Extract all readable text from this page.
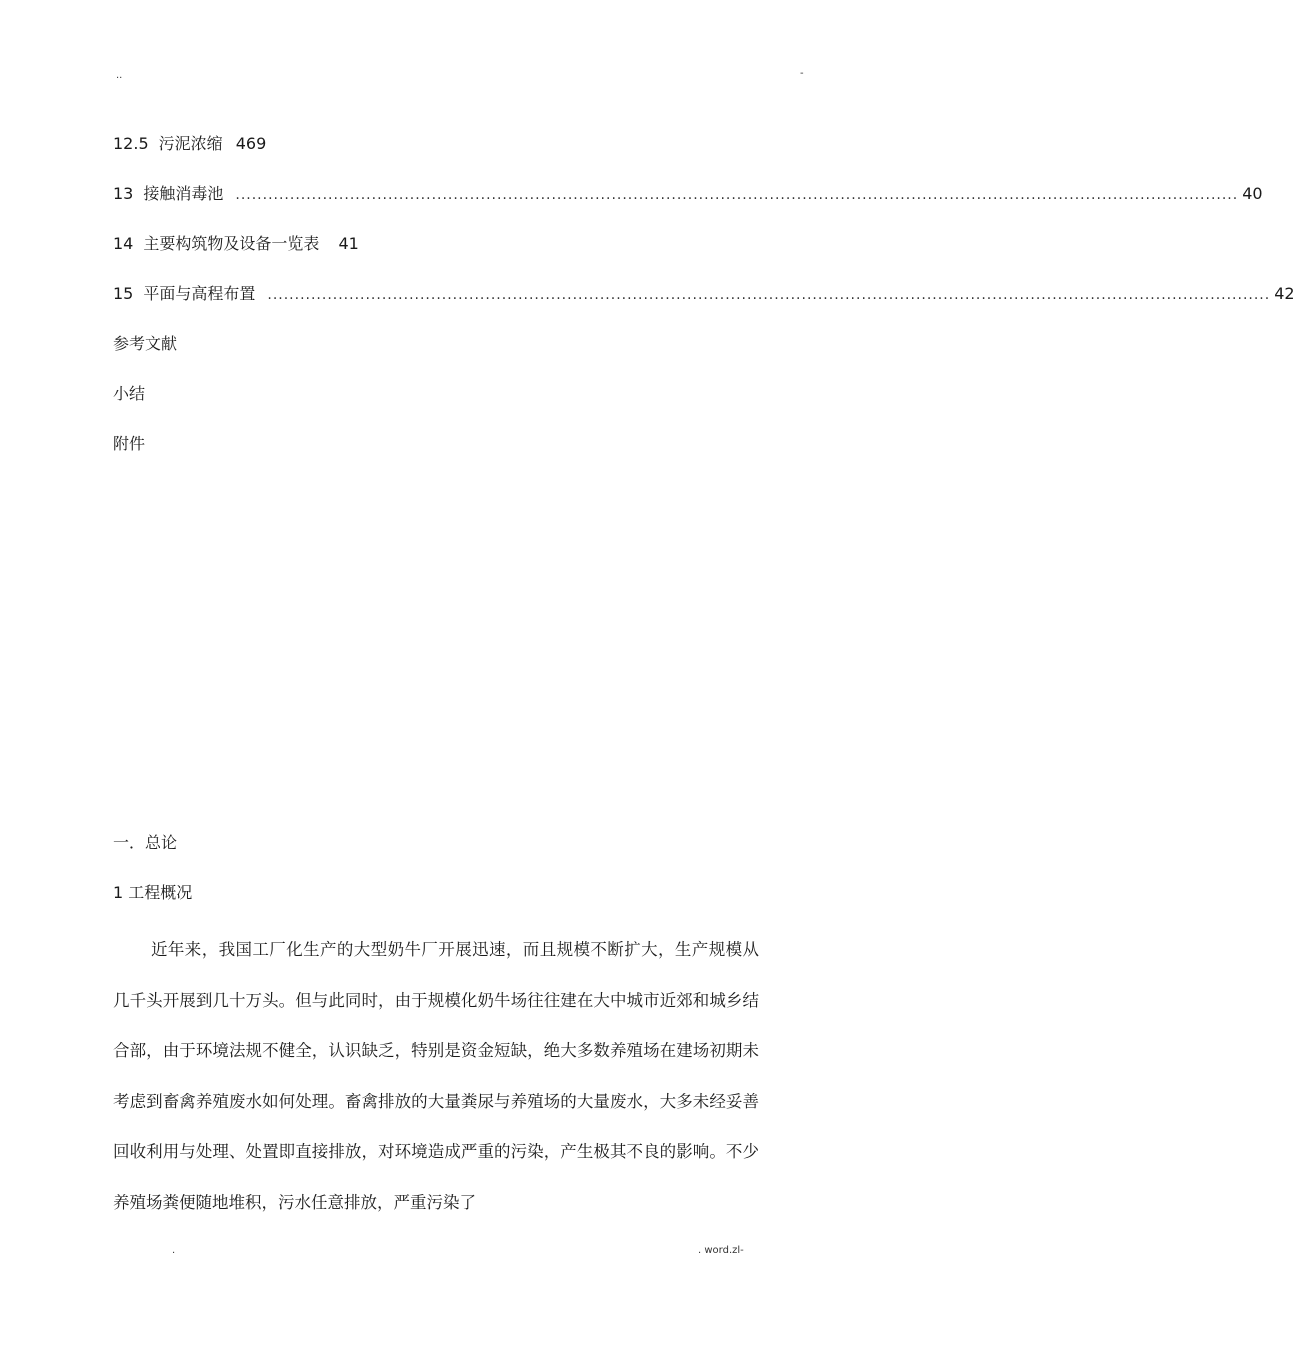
..	-
12.5 污泥浓缩 469
13 接触消毒池 ........................................................................................................................................................................................ 40
14 主要构筑物及设备一览表 41
15 平面与高程布置 ........................................................................................................................................................................................ 42
参考文献
小结
附件
一．总论
1 工程概况

近年来，我国工厂化生产的大型奶牛厂开展迅速，而且规模不断扩大，生产规模从几千头开展到几十万头。但与此同时，由于规模化奶牛场往往建在大中城市近郊和城乡结合部，由于环境法规不健全，认识缺乏，特别是资金短缺，绝大多数养殖场在建场初期未考虑到畜禽养殖废水如何处理。畜禽排放的大量粪尿与养殖场的大量废水，大多未经妥善回收利用与处理、处置即直接排放，对环境造成严重的污染，产生极其不良的影响。不少养殖场粪便随地堆积，污水任意排放，严重污染了

.	. word.zl-
